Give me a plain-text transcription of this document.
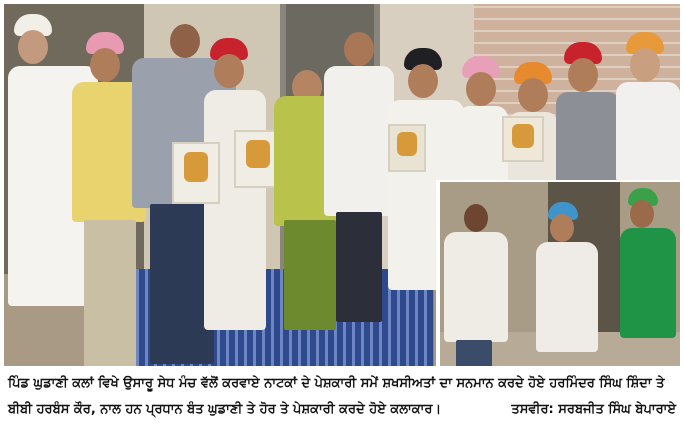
ਪਿੰਡ ਘੁਡਾਣੀ ਕਲਾਂ ਵਿਖੇ ਉਸਾਰੂ ਸੇਧ ਮੰਚ ਵੱਲੋਂ ਕਰਵਾਏ ਨਾਟਕਾਂ ਦੇ ਪੇਸ਼ਕਾਰੀ ਸਮੇਂ ਸ਼ਖਸੀਅਤਾਂ ਦਾ ਸਨਮਾਨ ਕਰਦੇ ਹੋਏ ਹਰਮਿੰਦਰ ਸਿੰਘ ਸ਼ਿੰਦਾ ਤੇ
ਬੀਬੀ ਹਰਬੰਸ ਕੌਰ, ਨਾਲ ਹਨ ਪ੍ਰਧਾਨ ਬੰਤ ਘੁਡਾਣੀ ਤੇ ਹੋਰ ਤੇ ਪੇਸ਼ਕਾਰੀ ਕਰਦੇ ਹੋਏ ਕਲਾਕਾਰ।	ਤਸਵੀਰ: ਸਰਬਜੀਤ ਸਿੰਘ ਬੇਪਾਰਾਏ
